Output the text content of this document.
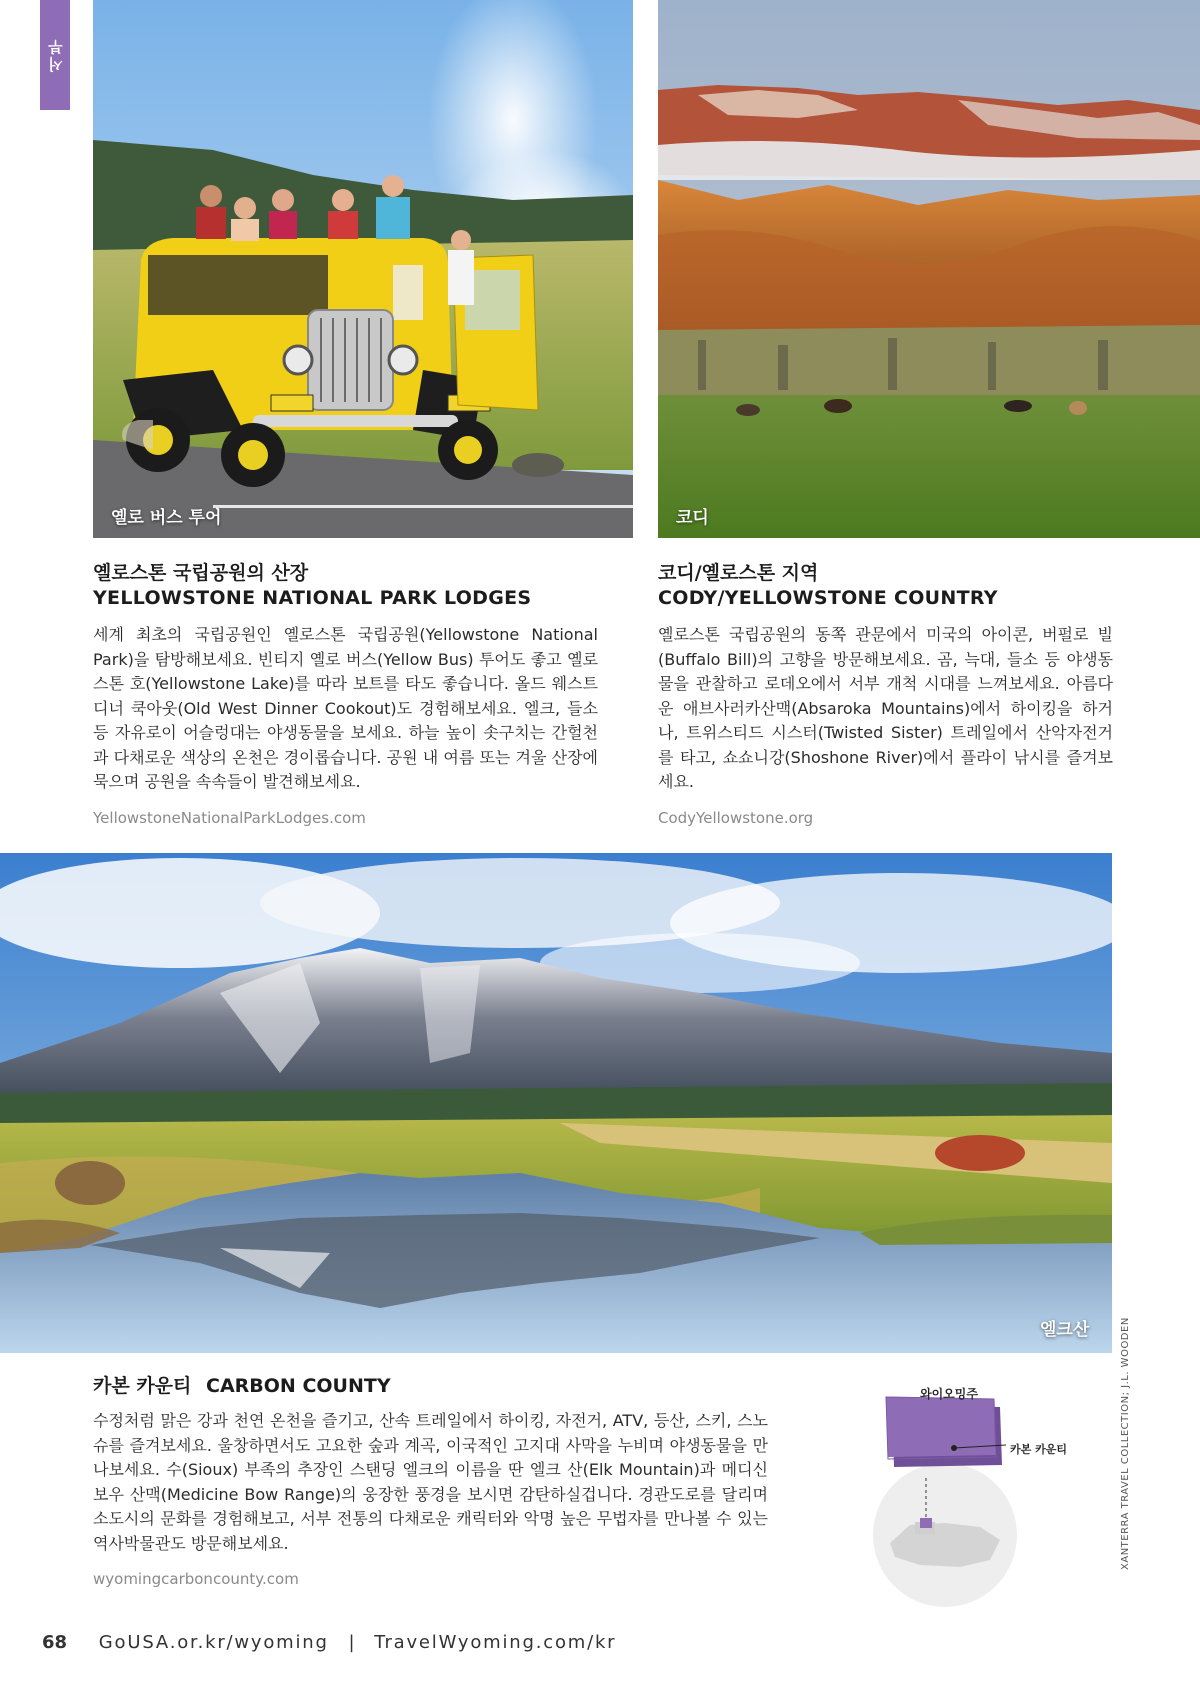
서부
옐로 버스 투어	코디
옐로스톤 국립공원의 산장
YELLOWSTONE NATIONAL PARK LODGES
세계 최초의 국립공원인 옐로스톤 국립공원(Yellowstone National Park)을 탐방해보세요. 빈티지 옐로 버스(Yellow Bus) 투어도 좋고 옐로스톤 호(Yellowstone Lake)를 따라 보트를 타도 좋습니다. 올드 웨스트 디너 쿡아웃(Old West Dinner Cookout)도 경험해보세요. 엘크, 들소 등 자유로이 어슬렁대는 야생동물을 보세요. 하늘 높이 솟구치는 간헐천과 다채로운 색상의 온천은 경이롭습니다. 공원 내 여름 또는 겨울 산장에 묵으며 공원을 속속들이 발견해보세요.
YellowstoneNationalParkLodges.com
코디/옐로스톤 지역
CODY/YELLOWSTONE COUNTRY
옐로스톤 국립공원의 동쪽 관문에서 미국의 아이콘, 버펄로 빌(Buffalo Bill)의 고향을 방문해보세요. 곰, 늑대, 들소 등 야생동물을 관찰하고 로데오에서 서부 개척 시대를 느껴보세요. 아름다운 애브사러카산맥(Absaroka Mountains)에서 하이킹을 하거나, 트위스티드 시스터(Twisted Sister) 트레일에서 산악자전거를 타고, 쇼쇼니강(Shoshone River)에서 플라이 낚시를 즐겨보세요.
CodyYellowstone.org
엘크산
카본 카운티 CARBON COUNTY
수정처럼 맑은 강과 천연 온천을 즐기고, 산속 트레일에서 하이킹, 자전거, ATV, 등산, 스키, 스노슈를 즐겨보세요. 울창하면서도 고요한 숲과 계곡, 이국적인 고지대 사막을 누비며 야생동물을 만나보세요. 수(Sioux) 부족의 추장인 스탠딩 엘크의 이름을 딴 엘크 산(Elk Mountain)과 메디신 보우 산맥(Medicine Bow Range)의 웅장한 풍경을 보시면 감탄하실겁니다. 경관도로를 달리며 소도시의 문화를 경험해보고, 서부 전통의 다채로운 캐릭터와 악명 높은 무법자를 만나볼 수 있는 역사박물관도 방문해보세요.
wyomingcarboncounty.com
와이오밍주
카본 카운티	XANTERRA TRAVEL COLLECTION; J.L. WOODEN
68 GoUSA.or.kr/wyoming | TravelWyoming.com/kr
